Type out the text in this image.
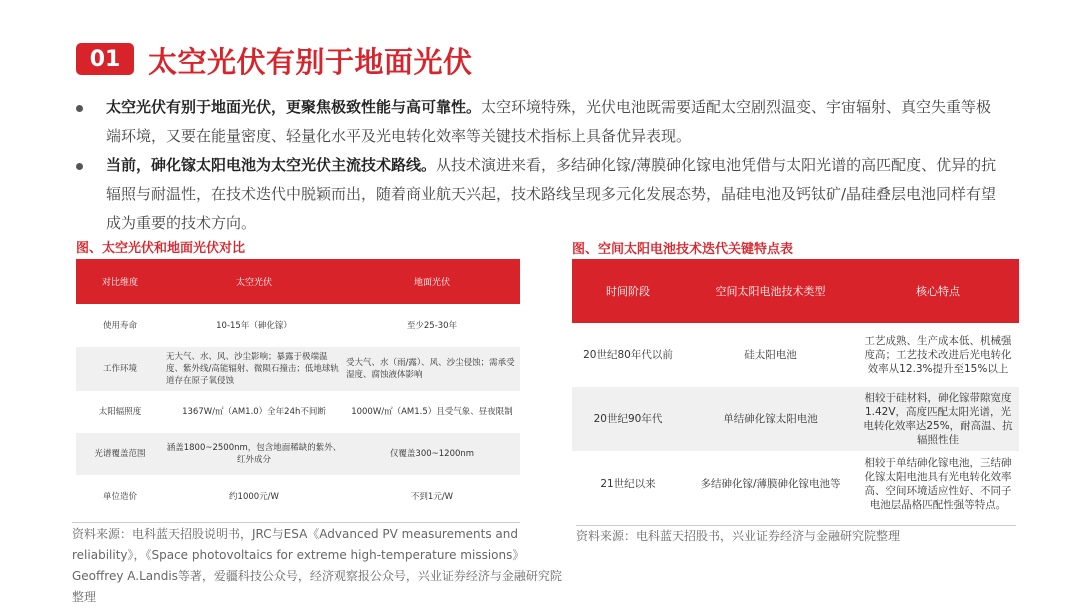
01 太空光伏有别于地面光伏
太空光伏有别于地面光伏，更聚焦极致性能与高可靠性。太空环境特殊，光伏电池既需要适配太空剧烈温变、宇宙辐射、真空失重等极端环境，又要在能量密度、轻量化水平及光电转化效率等关键技术指标上具备优异表现。
当前，砷化镓太阳电池为太空光伏主流技术路线。从技术演进来看，多结砷化镓/薄膜砷化镓电池凭借与太阳光谱的高匹配度、优异的抗辐照与耐温性，在技术迭代中脱颖而出，随着商业航天兴起，技术路线呈现多元化发展态势，晶硅电池及钙钛矿/晶硅叠层电池同样有望成为重要的技术方向。
图、太空光伏和地面光伏对比
对比维度	太空光伏	地面光伏
使用寿命	10-15年（砷化镓）	至少25-30年
工作环境	无大气、水、风、沙尘影响；暴露于极端温度、紫外线/高能辐射、微陨石撞击；低地球轨道存在原子氧侵蚀	受大气、水（雨/露）、风、沙尘侵蚀；需承受湿度、腐蚀液体影响
太阳辐照度	1367W/㎡（AM1.0）全年24h不间断	1000W/㎡（AM1.5）且受气象、昼夜限制
光谱覆盖范围	涵盖1800~2500nm，包含地面稀缺的紫外、红外成分	仅覆盖300~1200nm
单位造价	约1000元/W	不到1元/W
资料来源：电科蓝天招股说明书，JRC与ESA《Advanced PV measurements and reliability》，《Space photovoltaics for extreme high-temperature missions》Geoffrey A.Landis等著，爱疆科技公众号，经济观察报公众号，兴业证券经济与金融研究院整理
图、空间太阳电池技术迭代关键特点表
时间阶段	空间太阳电池技术类型	核心特点
20世纪80年代以前	硅太阳电池	工艺成熟、生产成本低、机械强度高；工艺技术改进后光电转化效率从12.3%提升至15%以上
20世纪90年代	单结砷化镓太阳电池	相较于硅材料，砷化镓带隙宽度1.42V，高度匹配太阳光谱，光电转化效率达25%，耐高温、抗辐照性佳
21世纪以来	多结砷化镓/薄膜砷化镓电池等	相较于单结砷化镓电池，三结砷化镓太阳电池具有光电转化效率高、空间环境适应性好、不同子电池层晶格匹配性强等特点。
资料来源：电科蓝天招股书，兴业证券经济与金融研究院整理
